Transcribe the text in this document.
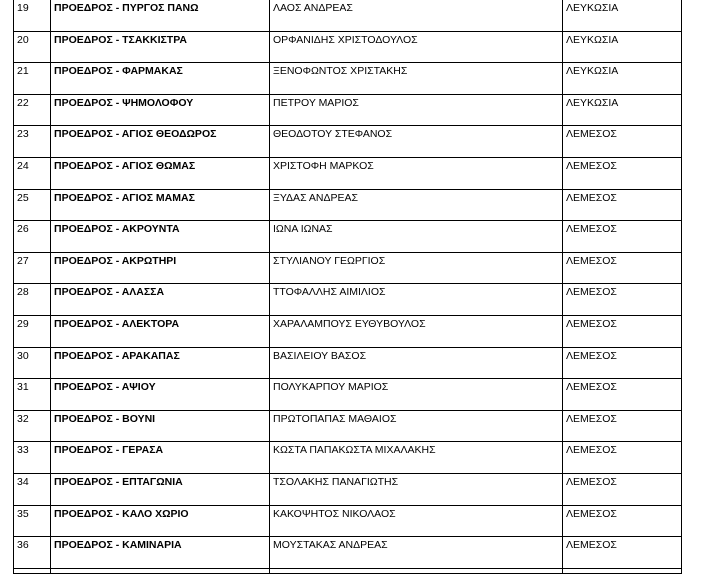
19	ΠΡΟΕΔΡΟΣ - ΠΥΡΓΟΣ ΠΑΝΩ	ΛΑΟΣ ΑΝΔΡΕΑΣ	ΛΕΥΚΩΣΙΑ
20	ΠΡΟΕΔΡΟΣ - ΤΣΑΚΚΙΣΤΡΑ	ΟΡΦΑΝΙΔΗΣ ΧΡΙΣΤΟΔΟΥΛΟΣ	ΛΕΥΚΩΣΙΑ
21	ΠΡΟΕΔΡΟΣ - ΦΑΡΜΑΚΑΣ	ΞΕΝΟΦΩΝΤΟΣ ΧΡΙΣΤΑΚΗΣ	ΛΕΥΚΩΣΙΑ
22	ΠΡΟΕΔΡΟΣ - ΨΗΜΟΛΟΦΟΥ	ΠΕΤΡΟΥ ΜΑΡΙΟΣ	ΛΕΥΚΩΣΙΑ
23	ΠΡΟΕΔΡΟΣ - ΑΓΙΟΣ ΘΕΟΔΩΡΟΣ	ΘΕΟΔΟΤΟΥ ΣΤΕΦΑΝΟΣ	ΛΕΜΕΣΟΣ
24	ΠΡΟΕΔΡΟΣ - ΑΓΙΟΣ ΘΩΜΑΣ	ΧΡΙΣΤΟΦΗ ΜΑΡΚΟΣ	ΛΕΜΕΣΟΣ
25	ΠΡΟΕΔΡΟΣ - ΑΓΙΟΣ ΜΑΜΑΣ	ΞΥΔΑΣ ΑΝΔΡΕΑΣ	ΛΕΜΕΣΟΣ
26	ΠΡΟΕΔΡΟΣ - ΑΚΡΟΥΝΤΑ	ΙΩΝΑ ΙΩΝΑΣ	ΛΕΜΕΣΟΣ
27	ΠΡΟΕΔΡΟΣ - ΑΚΡΩΤΗΡΙ	ΣΤΥΛΙΑΝΟΥ ΓΕΩΡΓΙΟΣ	ΛΕΜΕΣΟΣ
28	ΠΡΟΕΔΡΟΣ - ΑΛΑΣΣΑ	ΤΤΟΦΑΛΛΗΣ ΑΙΜΙΛΙΟΣ	ΛΕΜΕΣΟΣ
29	ΠΡΟΕΔΡΟΣ - ΑΛΕΚΤΟΡΑ	ΧΑΡΑΛΑΜΠΟΥΣ ΕΥΘΥΒΟΥΛΟΣ	ΛΕΜΕΣΟΣ
30	ΠΡΟΕΔΡΟΣ - ΑΡΑΚΑΠΑΣ	ΒΑΣΙΛΕΙΟΥ ΒΑΣΟΣ	ΛΕΜΕΣΟΣ
31	ΠΡΟΕΔΡΟΣ - ΑΨΙΟΥ	ΠΟΛΥΚΑΡΠΟΥ ΜΑΡΙΟΣ	ΛΕΜΕΣΟΣ
32	ΠΡΟΕΔΡΟΣ - ΒΟΥΝΙ	ΠΡΩΤΟΠΑΠΑΣ ΜΑΘΑΙΟΣ	ΛΕΜΕΣΟΣ
33	ΠΡΟΕΔΡΟΣ - ΓΕΡΑΣΑ	ΚΩΣΤΑ ΠΑΠΑΚΩΣΤΑ ΜΙΧΑΛΑΚΗΣ	ΛΕΜΕΣΟΣ
34	ΠΡΟΕΔΡΟΣ - ΕΠΤΑΓΩΝΙΑ	ΤΣΟΛΑΚΗΣ ΠΑΝΑΓΙΩΤΗΣ	ΛΕΜΕΣΟΣ
35	ΠΡΟΕΔΡΟΣ - ΚΑΛΟ ΧΩΡΙΟ	ΚΑΚΟΨΗΤΟΣ ΝΙΚΟΛΑΟΣ	ΛΕΜΕΣΟΣ
36	ΠΡΟΕΔΡΟΣ - ΚΑΜΙΝΑΡΙΑ	ΜΟΥΣΤΑΚΑΣ ΑΝΔΡΕΑΣ	ΛΕΜΕΣΟΣ
